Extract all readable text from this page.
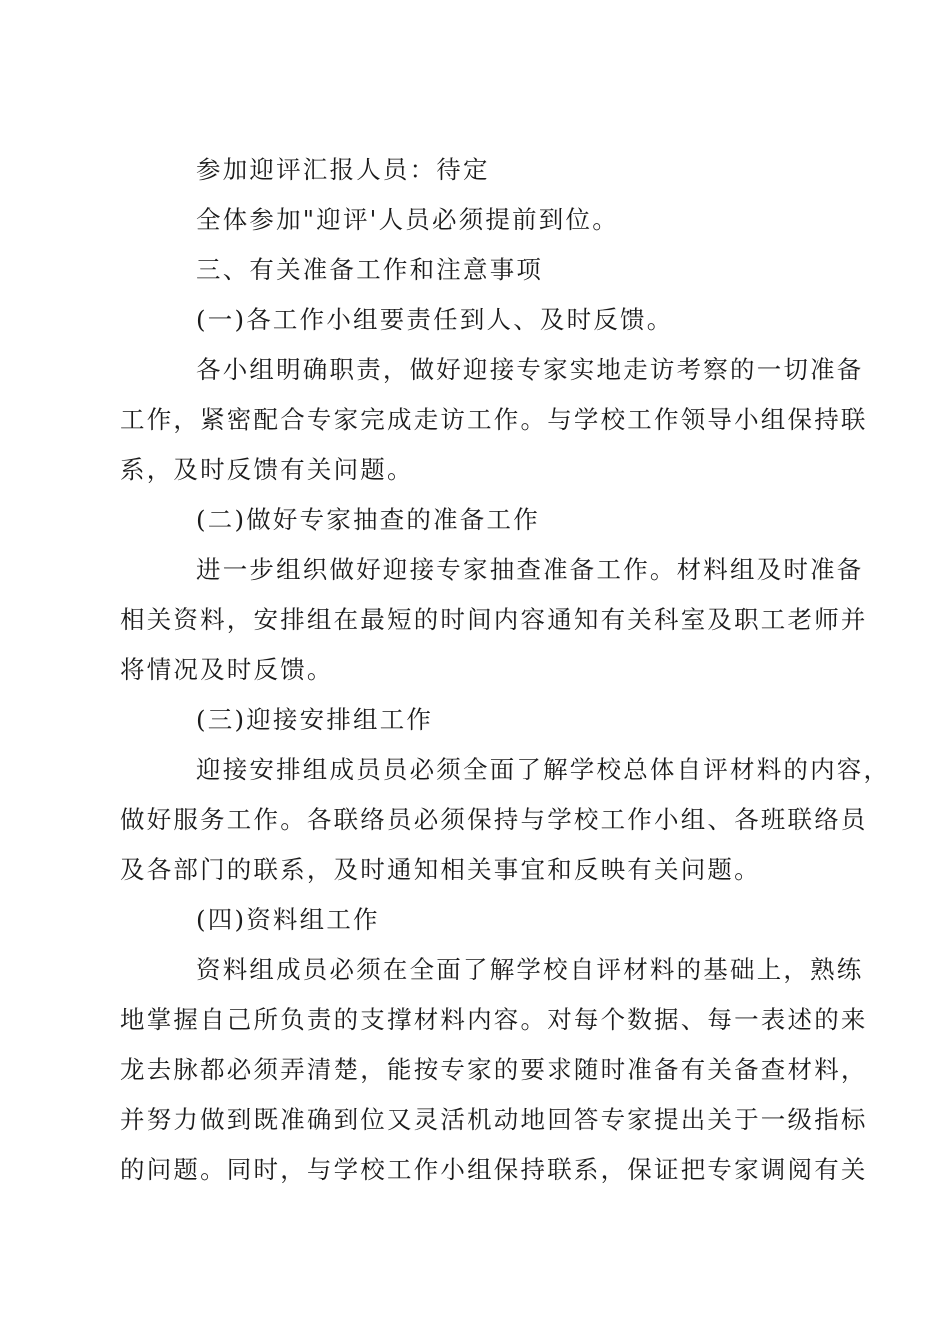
参加迎评汇报人员：待定
全体参加"迎评'人员必须提前到位。
三、有关准备工作和注意事项
(一)各工作小组要责任到人、及时反馈。
各小组明确职责，做好迎接专家实地走访考察的一切准备
工作，紧密配合专家完成走访工作。与学校工作领导小组保持联
系，及时反馈有关问题。
(二)做好专家抽查的准备工作
进一步组织做好迎接专家抽查准备工作。材料组及时准备
相关资料，安排组在最短的时间内容通知有关科室及职工老师并
将情况及时反馈。
(三)迎接安排组工作
迎接安排组成员员必须全面了解学校总体自评材料的内容，
做好服务工作。各联络员必须保持与学校工作小组、各班联络员
及各部门的联系，及时通知相关事宜和反映有关问题。
(四)资料组工作
资料组成员必须在全面了解学校自评材料的基础上，熟练
地掌握自己所负责的支撑材料内容。对每个数据、每一表述的来
龙去脉都必须弄清楚，能按专家的要求随时准备有关备查材料，
并努力做到既准确到位又灵活机动地回答专家提出关于一级指标
的问题。同时，与学校工作小组保持联系，保证把专家调阅有关
